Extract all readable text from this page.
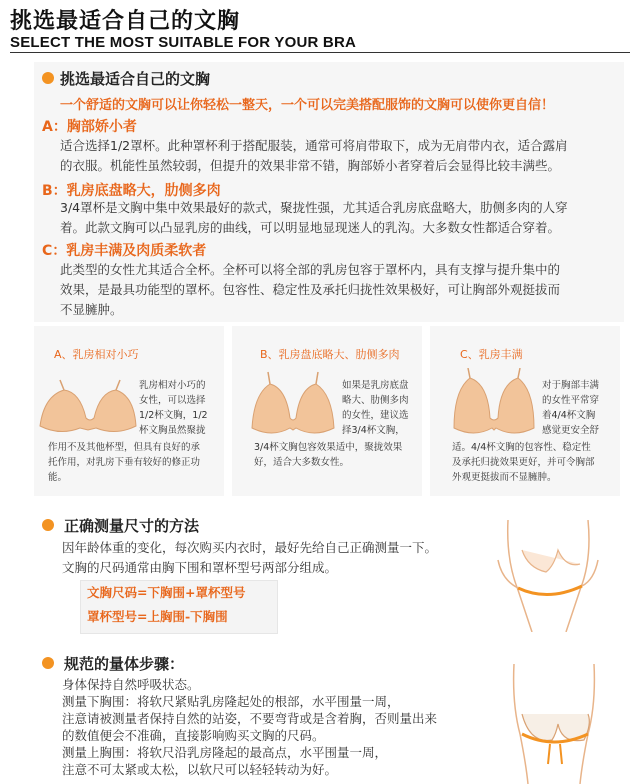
挑选最适合自己的文胸
SELECT THE MOST SUITABLE FOR YOUR BRA
挑选最适合自己的文胸
一个舒适的文胸可以让你轻松一整天，一个可以完美搭配服饰的文胸可以使你更自信！
A：胸部娇小者
适合选择1/2罩杯。此种罩杯利于搭配服装，通常可将肩带取下，成为无肩带内衣，适合露肩
的衣服。机能性虽然较弱，但提升的效果非常不错，胸部娇小者穿着后会显得比较丰满些。
B：乳房底盘略大，肋侧多肉
3/4罩杯是文胸中集中效果最好的款式，聚拢性强，尤其适合乳房底盘略大，肋侧多肉的人穿
着。此款文胸可以凸显乳房的曲线，可以明显地显现迷人的乳沟。大多数女性都适合穿着。
C：乳房丰满及肉质柔软者
此类型的女性尤其适合全杯。全杯可以将全部的乳房包容于罩杯内，具有支撑与提升集中的
效果，是最具功能型的罩杯。包容性、稳定性及承托归拢性效果极好，可让胸部外观挺拔而
不显臃肿。
A、乳房相对小巧
乳房相对小巧的
女性，可以选择
1/2杯文胸，1/2
杯文胸虽然聚拢
作用不及其他杯型，但具有良好的承
托作用，对乳房下垂有较好的修正功
能。
B、乳房盘底略大、肋侧多肉
如果是乳房底盘
略大、肋侧多肉
的女性，建议选
择3/4杯文胸，
3/4杯文胸包容效果适中，聚拢效果
好，适合大多数女性。
C、乳房丰满
对于胸部丰满
的女性平常穿
着4/4杯文胸
感觉更安全舒
适。4/4杯文胸的包容性、稳定性
及承托归拢效果更好，并可令胸部
外观更挺拔而不显臃肿。
正确测量尺寸的方法
因年龄体重的变化，每次购买内衣时，最好先给自己正确测量一下。
文胸的尺码通常由胸下围和罩杯型号两部分组成。
文胸尺码=下胸围+罩杯型号
罩杯型号=上胸围-下胸围
规范的量体步骤：
身体保持自然呼吸状态。
测量下胸围：将软尺紧贴乳房隆起处的根部，水平围量一周，
注意请被测量者保持自然的站姿，不要弯背或是含着胸，否则量出来
的数值便会不准确，直接影响购买文胸的尺码。
测量上胸围：将软尺沿乳房隆起的最高点，水平围量一周，
注意不可太紧或太松，以软尺可以轻轻转动为好。
